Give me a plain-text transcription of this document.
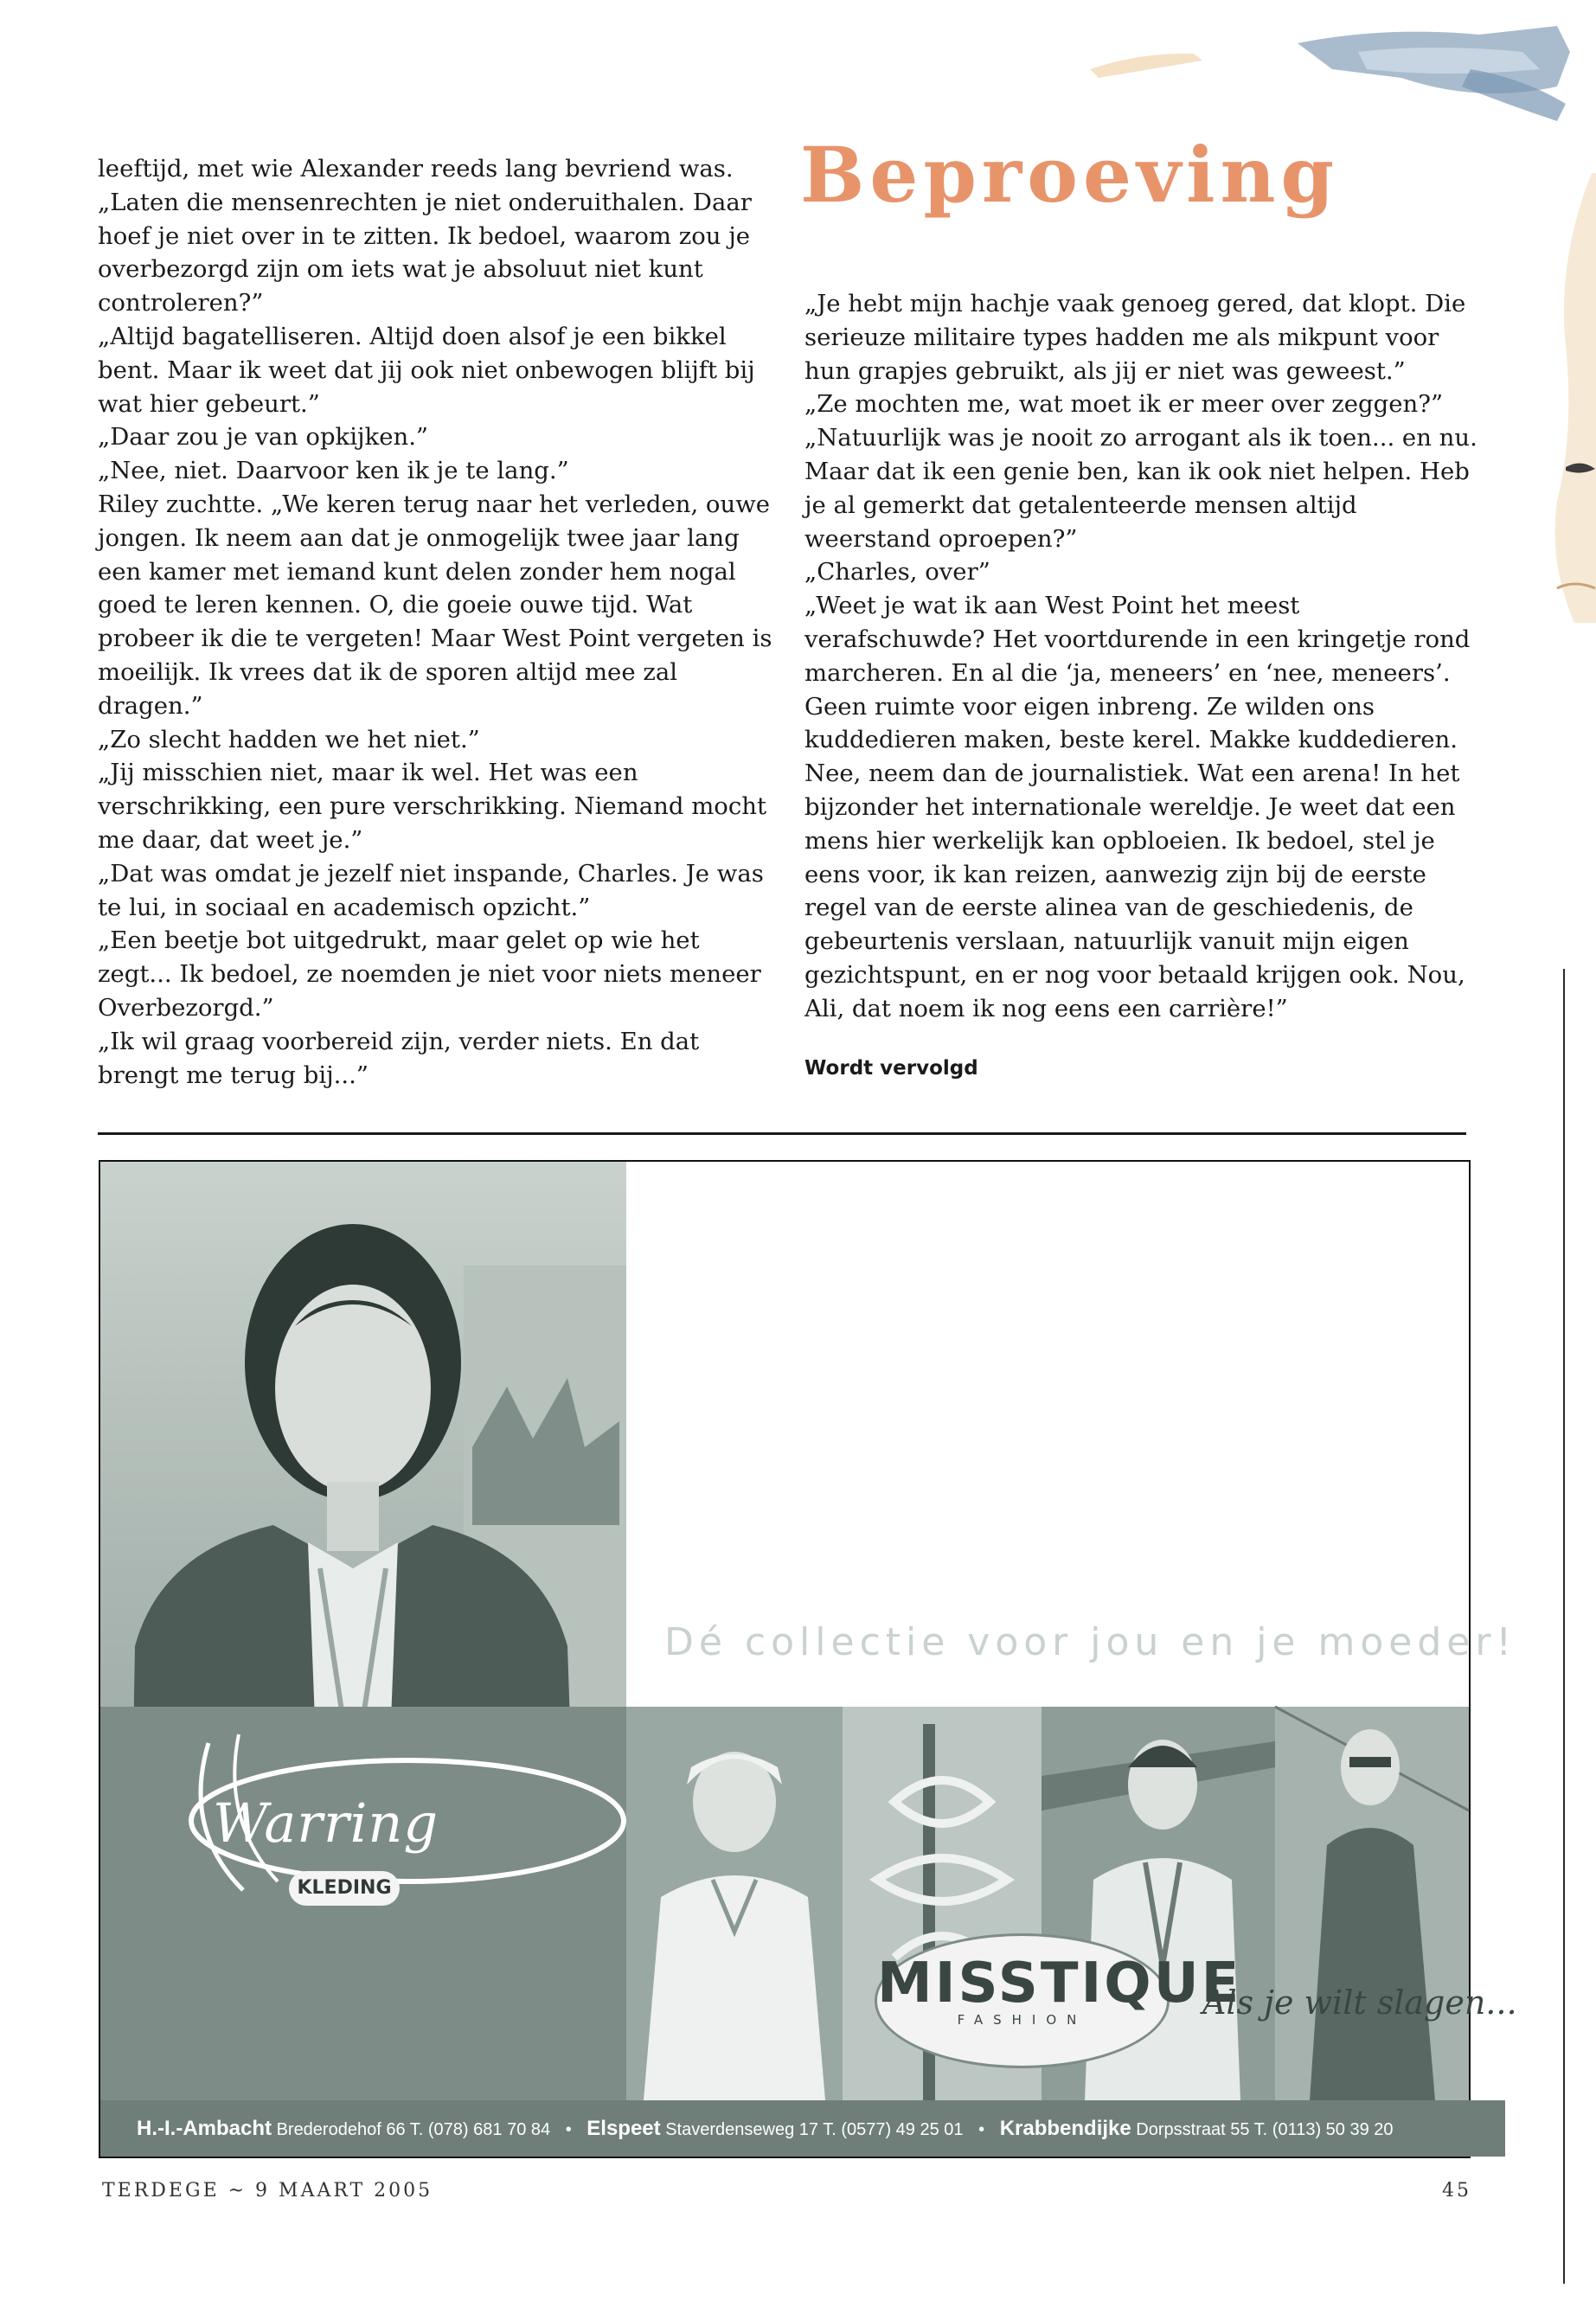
leeftijd, met wie Alexander reeds lang bevriend was.

„Laten die mensenrechten je niet onderuithalen. Daar hoef je niet over in te zitten. Ik bedoel, waarom zou je overbezorgd zijn om iets wat je absoluut niet kunt controleren?”

„Altijd bagatelliseren. Altijd doen alsof je een bikkel bent. Maar ik weet dat jij ook niet onbewogen blijft bij wat hier gebeurt.”

„Daar zou je van opkijken.”

„Nee, niet. Daarvoor ken ik je te lang.”

Riley zuchtte. „We keren terug naar het verleden, ouwe jongen. Ik neem aan dat je onmogelijk twee jaar lang een kamer met iemand kunt delen zonder hem nogal goed te leren kennen. O, die goeie ouwe tijd. Wat probeer ik die te vergeten! Maar West Point vergeten is moeilijk. Ik vrees dat ik de sporen altijd mee zal dragen.”

„Zo slecht hadden we het niet.”

„Jij misschien niet, maar ik wel. Het was een verschrikking, een pure verschrikking. Niemand mocht me daar, dat weet je.”

„Dat was omdat je jezelf niet inspande, Charles. Je was te lui, in sociaal en academisch opzicht.”

„Een beetje bot uitgedrukt, maar gelet op wie het zegt... Ik bedoel, ze noemden je niet voor niets meneer Overbezorgd.”

„Ik wil graag voorbereid zijn, verder niets. En dat brengt me terug bij...”

Beproeving

„Je hebt mijn hachje vaak genoeg gered, dat klopt. Die serieuze militaire types hadden me als mikpunt voor hun grapjes gebruikt, als jij er niet was geweest.”

„Ze mochten me, wat moet ik er meer over zeggen?”

„Natuurlijk was je nooit zo arrogant als ik toen... en nu. Maar dat ik een genie ben, kan ik ook niet helpen. Heb je al gemerkt dat getalenteerde mensen altijd weerstand oproepen?”

„Charles, over”

„Weet je wat ik aan West Point het meest verafschuwde? Het voortdurende in een kringetje rond marcheren. En al die ‘ja, meneers’ en ‘nee, meneers’. Geen ruimte voor eigen inbreng. Ze wilden ons kuddedieren maken, beste kerel. Makke kuddedieren. Nee, neem dan de journalistiek. Wat een arena! In het bijzonder het internationale wereldje. Je weet dat een mens hier werkelijk kan opbloeien. Ik bedoel, stel je eens voor, ik kan reizen, aanwezig zijn bij de eerste regel van de eerste alinea van de geschiedenis, de gebeurtenis verslaan, natuurlijk vanuit mijn eigen gezichtspunt, en er nog voor betaald krijgen ook. Nou, Ali, dat noem ik nog eens een carrière!”

Wordt vervolgd

Dé collectie voor jou en je moeder!
Warring
KLEDING
MISSTIQUE
FASHION	Als je wilt slagen...
H.-I.-Ambacht Brederodehof 66 T. (078) 681 70 84 • Elspeet Staverdenseweg 17 T. (0577) 49 25 01 • Krabbendijke Dorpsstraat 55 T. (0113) 50 39 20
TERDEGE ~ 9 MAART 2005	45
